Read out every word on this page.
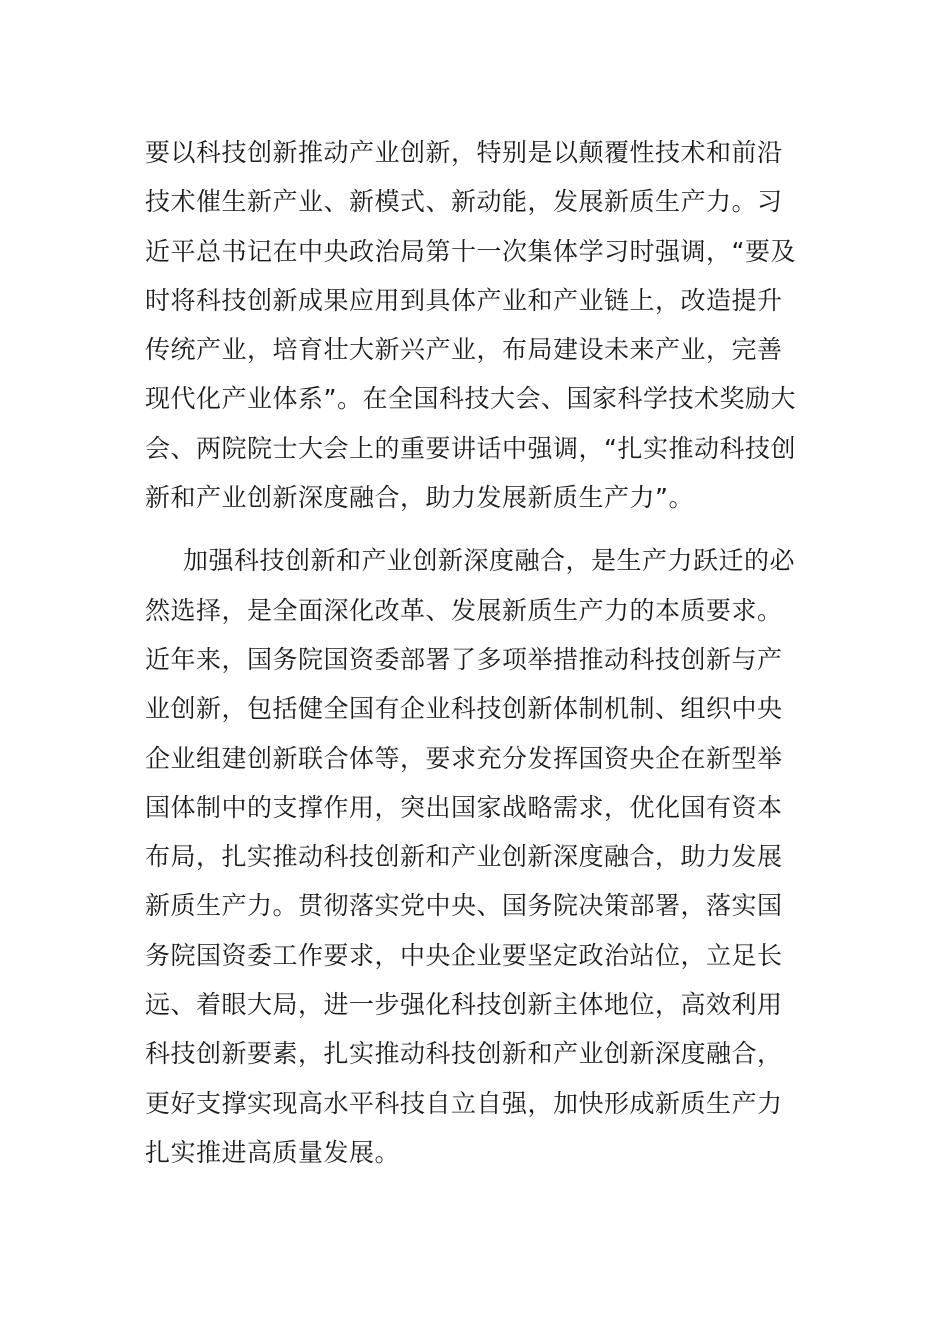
要以科技创新推动产业创新，特别是以颠覆性技术和前沿
技术催生新产业、新模式、新动能，发展新质生产力。习
近平总书记在中央政治局第十一次集体学习时强调，“要及
时将科技创新成果应用到具体产业和产业链上，改造提升
传统产业，培育壮大新兴产业，布局建设未来产业，完善
现代化产业体系”。在全国科技大会、国家科学技术奖励大
会、两院院士大会上的重要讲话中强调，“扎实推动科技创
新和产业创新深度融合，助力发展新质生产力”。
加强科技创新和产业创新深度融合，是生产力跃迁的必
然选择，是全面深化改革、发展新质生产力的本质要求。
近年来，国务院国资委部署了多项举措推动科技创新与产
业创新，包括健全国有企业科技创新体制机制、组织中央
企业组建创新联合体等，要求充分发挥国资央企在新型举
国体制中的支撑作用，突出国家战略需求，优化国有资本
布局，扎实推动科技创新和产业创新深度融合，助力发展
新质生产力。贯彻落实党中央、国务院决策部署，落实国
务院国资委工作要求，中央企业要坚定政治站位，立足长
远、着眼大局，进一步强化科技创新主体地位，高效利用
科技创新要素，扎实推动科技创新和产业创新深度融合，
更好支撑实现高水平科技自立自强，加快形成新质生产力
扎实推进高质量发展。
